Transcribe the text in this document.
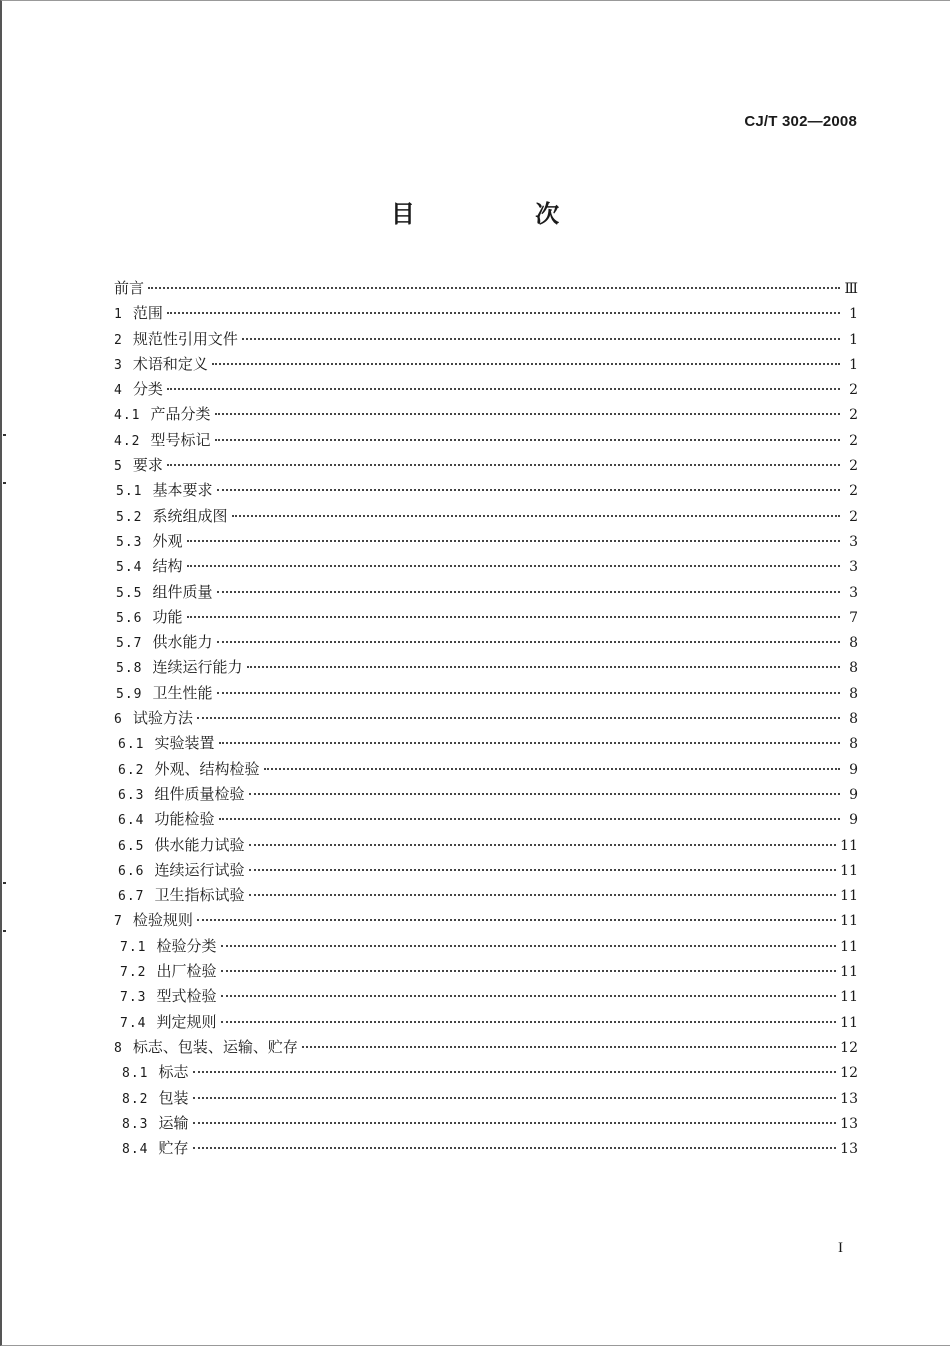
CJ/T 302—2008
目 次
前言	Ⅲ
1 范围	1
2 规范性引用文件	1
3 术语和定义	1
4 分类	2
4.1 产品分类	2
4.2 型号标记	2
5 要求	2
5.1 基本要求	2
5.2 系统组成图	2
5.3 外观	3
5.4 结构	3
5.5 组件质量	3
5.6 功能	7
5.7 供水能力	8
5.8 连续运行能力	8
5.9 卫生性能	8
6 试验方法	8
6.1 实验装置	8
6.2 外观、结构检验	9
6.3 组件质量检验	9
6.4 功能检验	9
6.5 供水能力试验	11
6.6 连续运行试验	11
6.7 卫生指标试验	11
7 检验规则	11
7.1 检验分类	11
7.2 出厂检验	11
7.3 型式检验	11
7.4 判定规则	11
8 标志、包装、运输、贮存	12
8.1 标志	12
8.2 包装	13
8.3 运输	13
8.4 贮存	13
I
